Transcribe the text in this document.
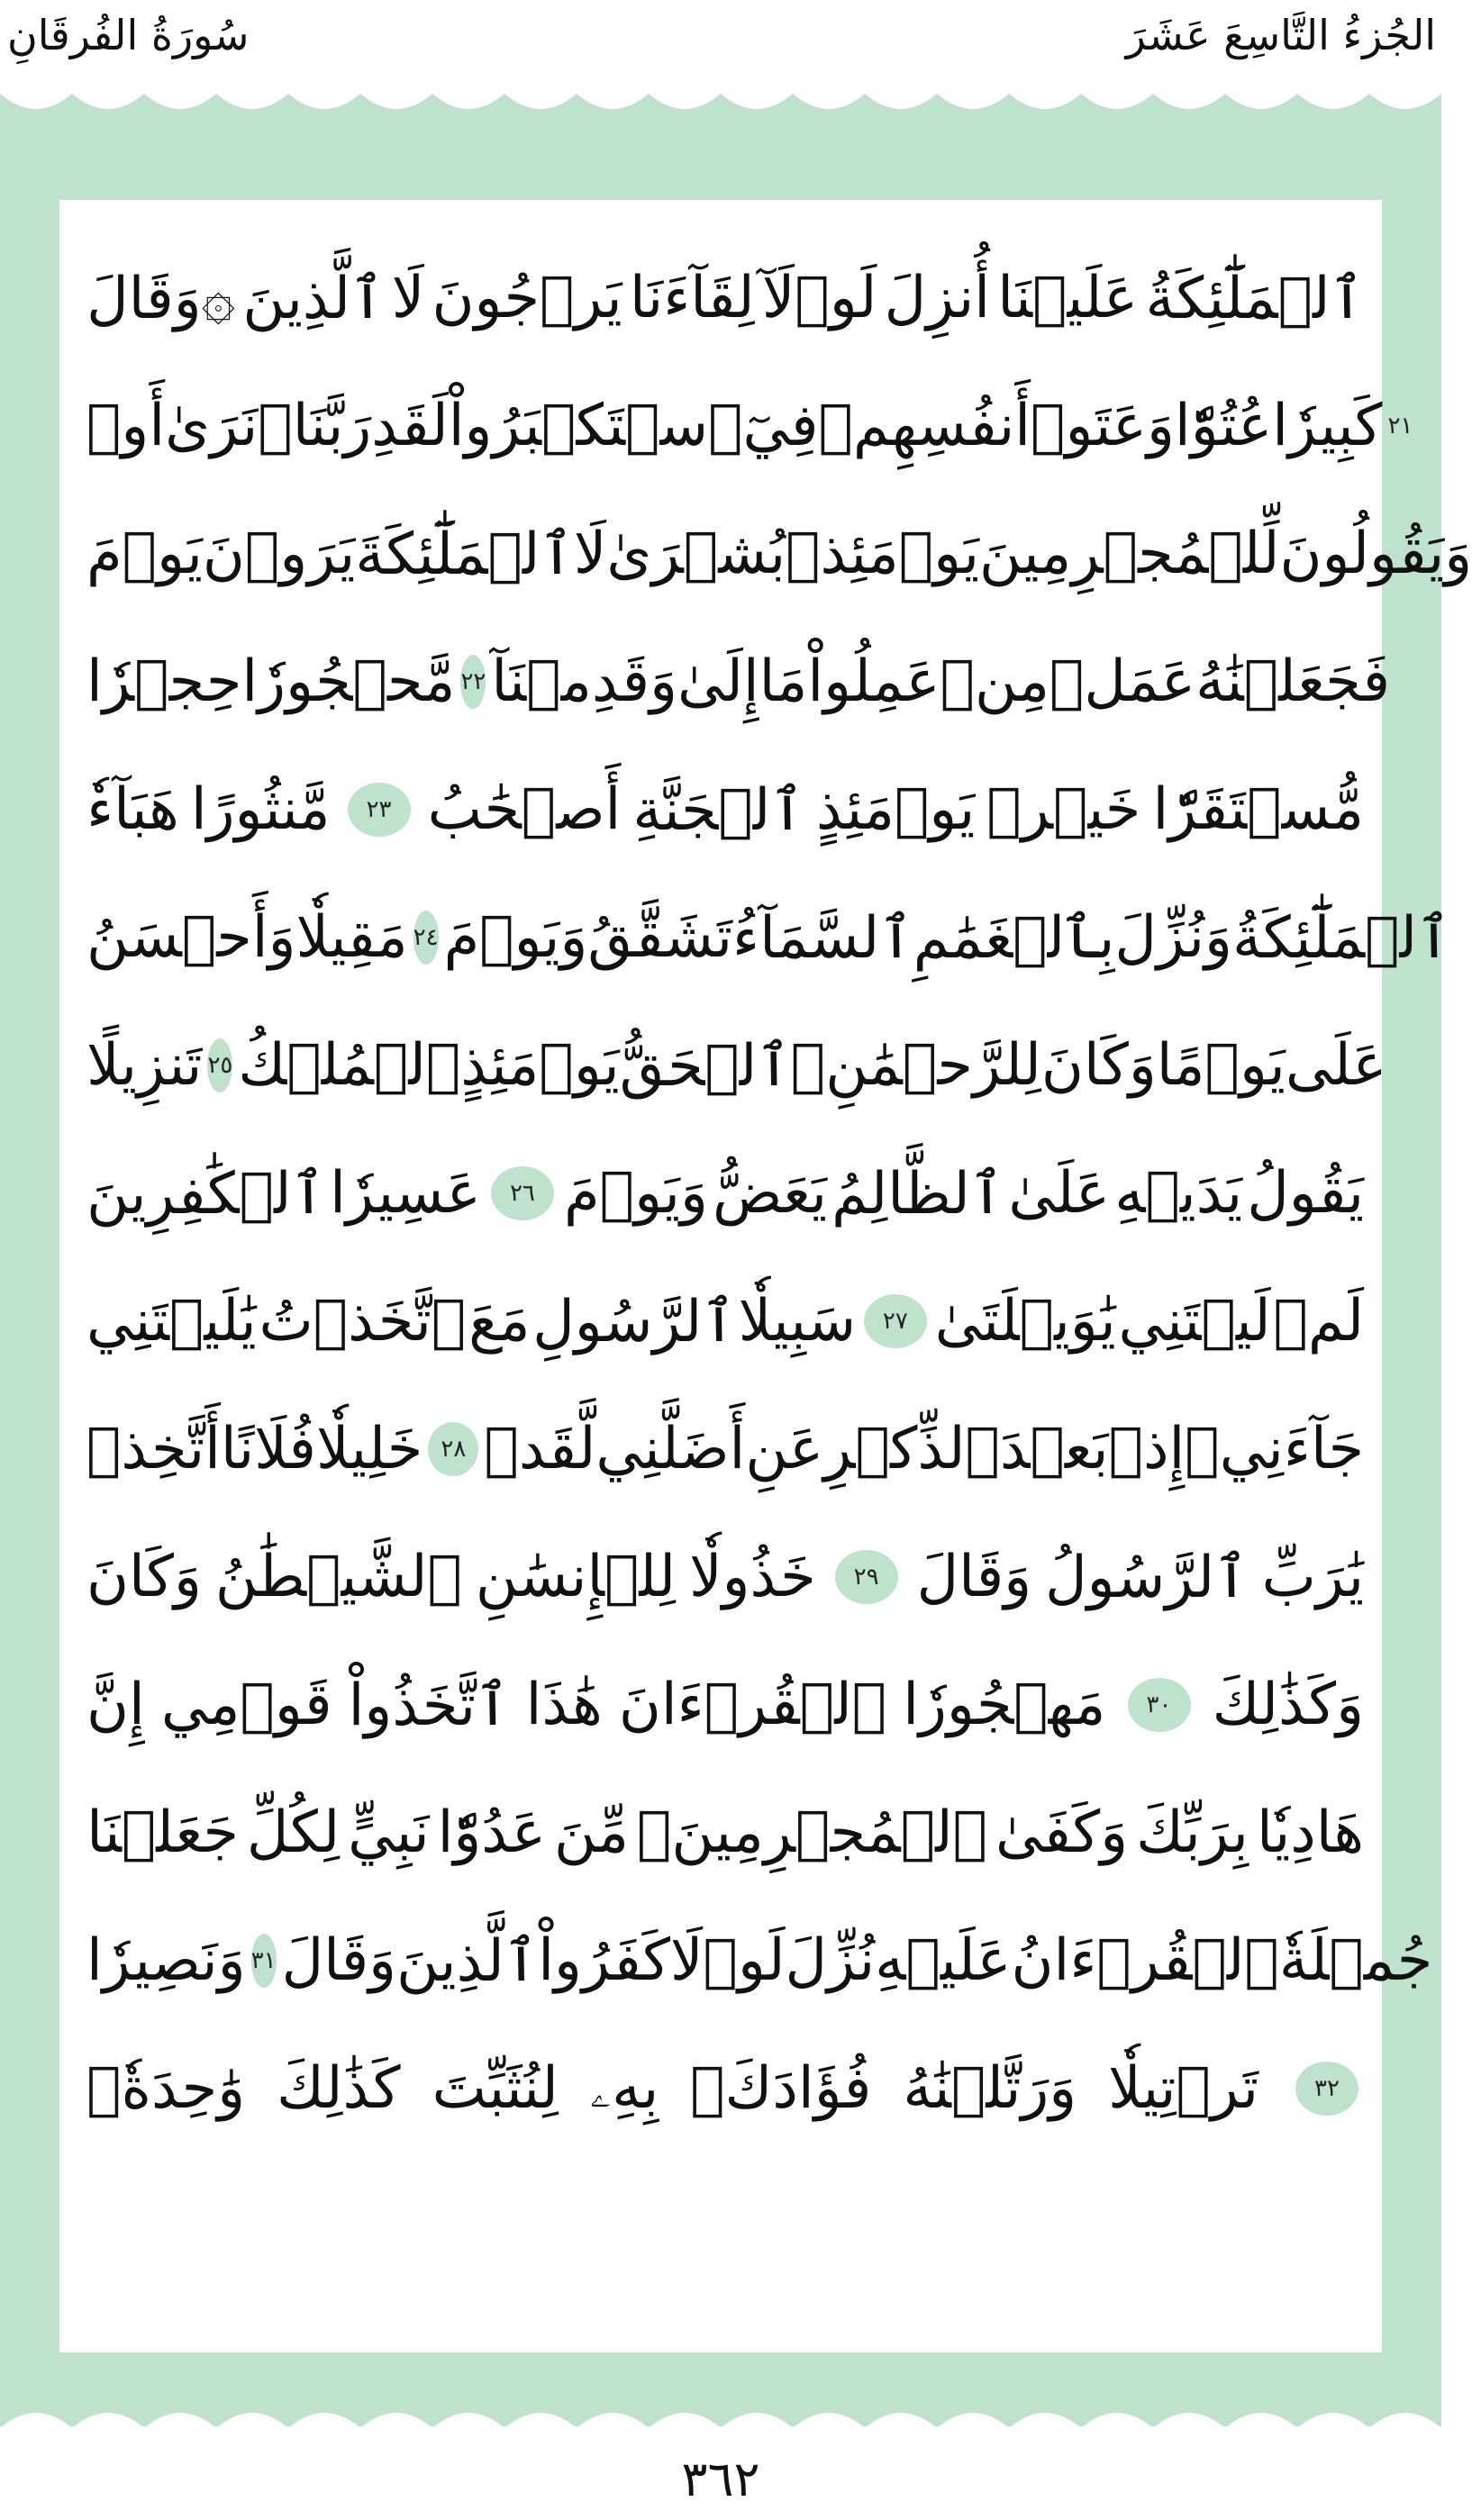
الجُزءُ التَّاسِعَ عَشَرَ
سُورَةُ الفُرقَانِ
۞وَقَالَ ٱلَّذِينَ لَا يَرۡجُونَ لِقَآءَنَا لَوۡلَآ أُنزِلَ عَلَيۡنَا ٱلۡمَلَٰٓئِكَةُ
أَوۡ نَرَىٰ رَبَّنَاۗ لَقَدِ ٱسۡتَكۡبَرُواْ فِيٓ أَنفُسِهِمۡ وَعَتَوۡ عُتُوّٗا كَبِيرٗا ٢١
يَوۡمَ يَرَوۡنَ ٱلۡمَلَٰٓئِكَةَ لَا بُشۡرَىٰ يَوۡمَئِذٖ لِّلۡمُجۡرِمِينَ وَيَقُولُونَ
حِجۡرٗا مَّحۡجُورٗا ٢٢ وَقَدِمۡنَآ إِلَىٰ مَا عَمِلُواْ مِنۡ عَمَلٖ فَجَعَلۡنَٰهُ
هَبَآءٗ مَّنثُورًا	٢٣ أَصۡحَٰبُ ٱلۡجَنَّةِ يَوۡمَئِذٍ خَيۡرٞ مُّسۡتَقَرّٗا
وَأَحۡسَنُ مَقِيلٗا ٢٤ وَيَوۡمَ تَشَقَّقُ ٱلسَّمَآءُ بِٱلۡغَمَٰمِ وَنُزِّلَ ٱلۡمَلَٰٓئِكَةُ
تَنزِيلًا ٢٥ ٱلۡمُلۡكُ يَوۡمَئِذٍ ٱلۡحَقُّ لِلرَّحۡمَٰنِۚ وَكَانَ يَوۡمًا عَلَى
ٱلۡكَٰفِرِينَ عَسِيرٗا	٢٦ وَيَوۡمَ يَعَضُّ ٱلظَّالِمُ عَلَىٰ يَدَيۡهِ يَقُولُ
يَٰلَيۡتَنِي ٱتَّخَذۡتُ مَعَ ٱلرَّسُولِ سَبِيلٗا	٢٧ يَٰوَيۡلَتَىٰ لَيۡتَنِي لَمۡ
أَتَّخِذۡ فُلَانًا خَلِيلٗا ٢٨ لَّقَدۡ أَضَلَّنِي عَنِ ٱلذِّكۡرِ بَعۡدَ إِذۡ جَآءَنِيۗ
وَكَانَ ٱلشَّيۡطَٰنُ لِلۡإِنسَٰنِ خَذُولٗا	٢٩ وَقَالَ ٱلرَّسُولُ يَٰرَبِّ
إِنَّ قَوۡمِي ٱتَّخَذُواْ هَٰذَا ٱلۡقُرۡءَانَ مَهۡجُورٗا	٣٠ وَكَذَٰلِكَ
جَعَلۡنَا لِكُلِّ نَبِيٍّ عَدُوّٗا مِّنَ ٱلۡمُجۡرِمِينَۗ وَكَفَىٰ بِرَبِّكَ هَادِيٗا
وَنَصِيرٗا ٣١ وَقَالَ ٱلَّذِينَ كَفَرُواْ لَوۡلَا نُزِّلَ عَلَيۡهِ ٱلۡقُرۡءَانُ جُمۡلَةٗ
وَٰحِدَةٗۚ كَذَٰلِكَ لِنُثَبِّتَ بِهِۦ فُؤَادَكَۖ وَرَتَّلۡنَٰهُ تَرۡتِيلٗا	٣٢
٣٦٢
